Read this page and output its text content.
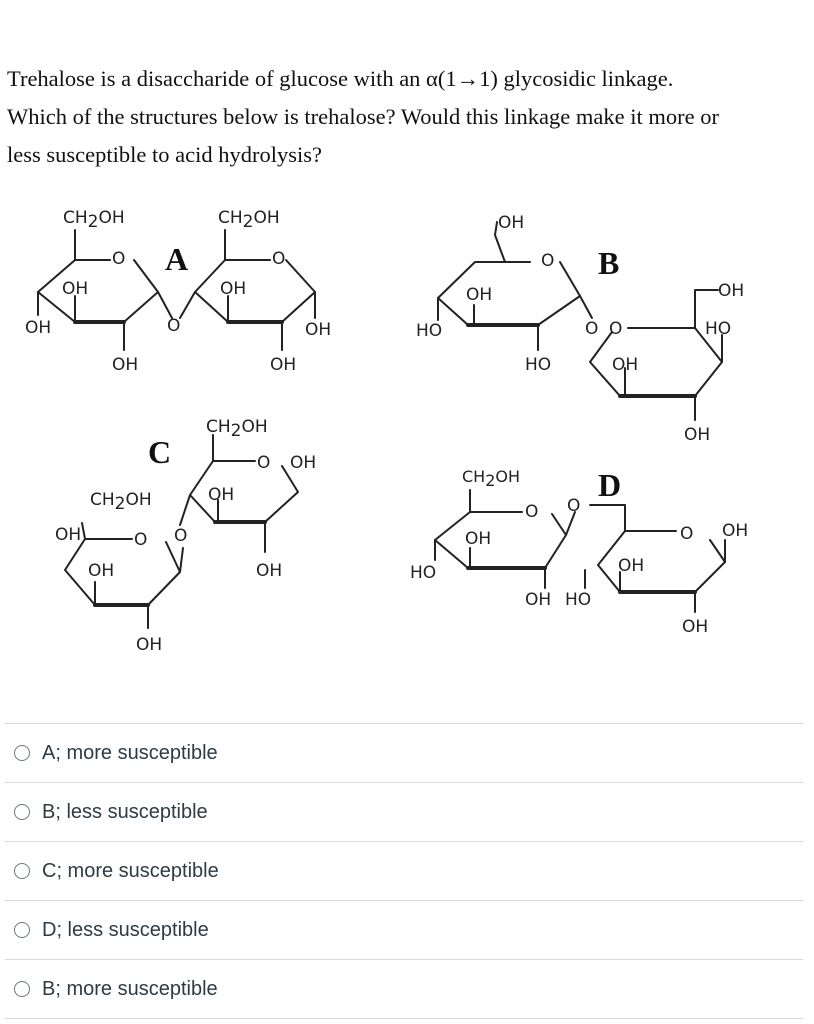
Trehalose is a disaccharide of glucose with an α(1→1) glycosidic linkage.
Which of the structures below is trehalose? Would this linkage make it more or
less susceptible to acid hydrolysis?
A	B
C
D
CH2OH	CH2OH
O	O
OH	OH
OH	O	OH
OH	OH
OH
O
OH	OH
HO	O O	HO
HO	OH
OH
CH2OH
O OH
CH2OH	OH
OH	O O
OH	OH
OH
CH2OH
O O
O OH
OH
OH
HO
OH HO
OH
A; more susceptible
B; less susceptible
C; more susceptible
D; less susceptible
B; more susceptible
